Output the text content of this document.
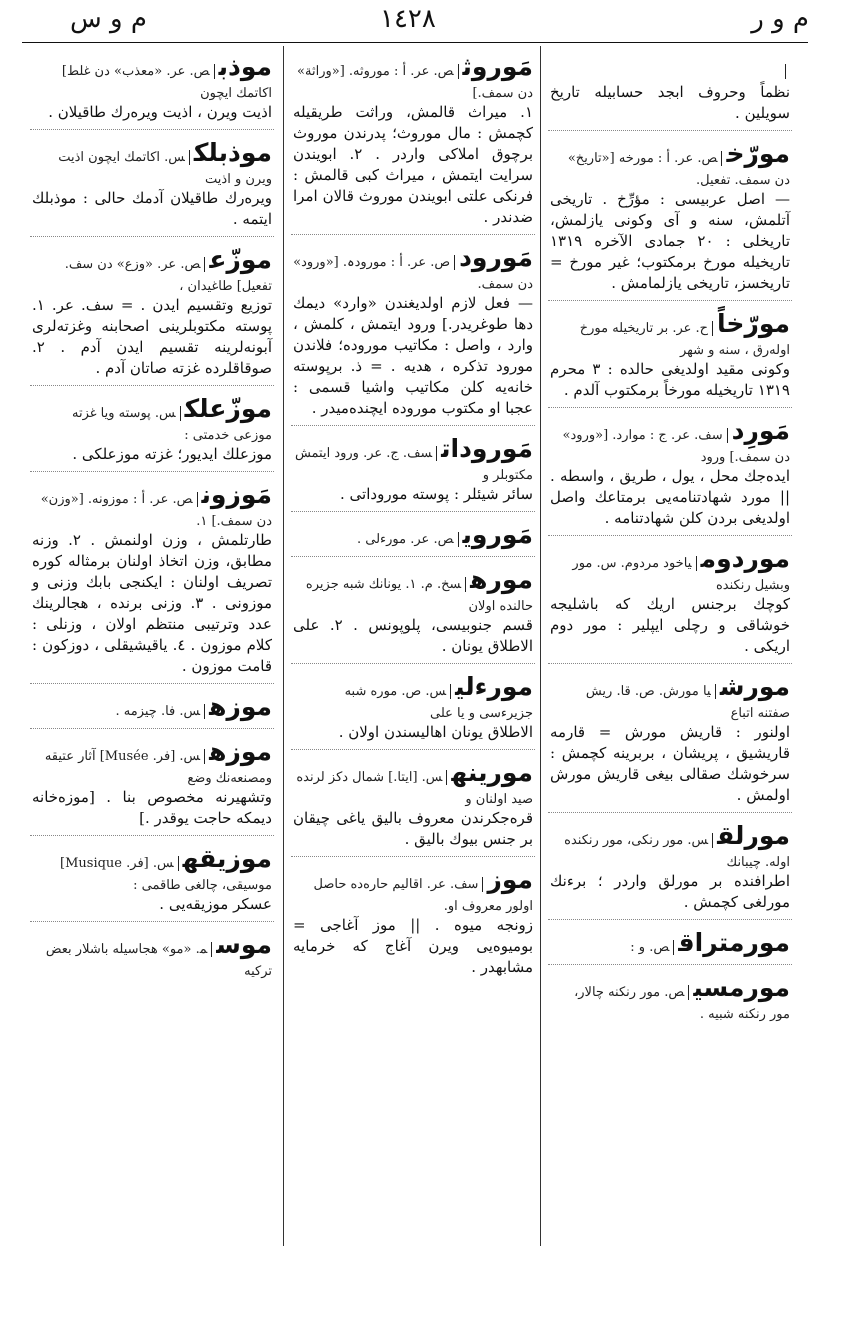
م و ر
١٤٢٨
م و س
نظماً وحروف ابجد حسابیله تاریخ سویلین .
مورّخص. عر. أ : مورخه [«تاریخ» دن سمف. تفعیل.
— اصل عربیسی : مؤرِّخ . تاریخی آتلمش، سنه و آی وکونی یازلمش، تاریخلی : ٢٠ جمادی الآخره ١٣١٩ تاریخیله مورخ برمکتوب؛ غیر مورخ = تاریخسز، تاریخی یازلمامش .
مورّخاًح. عر. بر تاریخیله مورخ اوله‌رق ، سنه و شهر
وکونی مقید اولدیغی حالده : ٣ محرم ١٣١٩ تاریخیله مورخاً برمکتوب آلدم .
مَورِدسف. عر. ج : موارد. [«ورود» دن سمف.] ورود
ایده‌جك محل ، یول ، طریق ، واسطه . || مورد شهادتنامه‌یی برمتاعك واصل اولدیغی بردن کلن شهادتنامه .
موردومیاخود مردوم. س. مور وبشیل رنکنده
کوچك برجنس اریك که باشلیجه خوشاقی و رچلی ایپلیر : مور دوم اریکی .
مورشیا مورش. ص. قا. ریش صفتنه اتباع
اولنور : قاریش مورش = قارمه قاریشیق ، پریشان ، بربرینه کچمش : سرخوشك صقالی بیغی قاریش مورش اولمش .
مورلقس. مور رنکی، مور رنکنده اوله. چیبانك
اطرافنده بر مورلق واردر ؛ برءنك مورلغی کچمش .
مورمتراقص. و :
مورمسیص. مور رنکنه چالار، مور رنکنه شبیه .
مَوروثص. عر. أ : موروثه. [«وراثة» دن سمف.]
١. میراث قالمش، وراثت طریقیله کچمش : مال موروث؛ پدرندن موروث برچوق املاکی واردر . ٢. ابویندن سرایت ایتمش ، میراث کبی قالمش : فرنکی علتی ابویندن موروث قالان امرا ضدندر .
مَورودص. عر. أ : مورودہ. [«ورود» دن سمف.
— فعل لازم اولدیغندن «وارد» دیمك دها طوغریدر.] ورود ایتمش ، کلمش ، وارد ، واصل : مکاتیب موروده؛ فلاندن مورود تذکره ، هدیه . = ذ. برپوسته خانه‌یه کلن مکاتیب واشیا قسمی : عجبا او مکتوب موروده ایچنده‌میدر .
مَوروداتسف. ج. عر. ورود ایتمش مکتوبلر و
سائر شیئلر : پوسته موروداتی .
مَورویص. عر. مورءلی .
مورهسخ. م. ١. یونانك شبه جزیره حالنده اولان
قسم جنوبیسی، پلوپونس . ٢. علی الاطلاق یونان .
مورءلیس. ص. موره شبه جزیرءسی و یا علی
الاطلاق یونان اهالیسندن اولان .
مورینهس. [ایتا.] شمال دکز لرنده صید اولنان و
قره‌جکرندن معروف بالیق یاغی چیقان بر جنس بیوك بالیق .
موزسف. عر. اقالیم حاره‌ده حاصل اولور معروف او.
زونجه میوه . || موز آغاجی = بومیوه‌یی ویرن آغاج که خرمایه مشابهدر .
موذبص. عر. «معذب» دن غلط] اکاتمك ایچون
اذیت ویرن ، اذیت ویره‌رك طاقیلان .
موذبلكس. اکاتمك ایچون اذیت ویرن و اذیت
ویره‌رك طاقیلان آدمك حالی : موذبلك ایتمه .
موزّعص. عر. «وزع» دن سف. تفعیل] طاغیدان ،
توزیع وتقسیم ایدن . = سف. عر. ١. پوسته مکتوبلرینی اصحابنه وغزته‌لری آبونه‌لرینه تقسیم ایدن آدم . ٢. صوقاقلرده غزته صاتان آدم .
موزّعلكس. پوسته ویا غزته موزعی خدمتی :
موزعلك ایدیور؛ غزته موزعلکی .
مَوزونص. عر. أ : موزونه. [«وزن» دن سمف.] ١.
طارتلمش ، وزن اولنمش . ٢. وزنه مطابق، وزن اتخاذ اولنان برمثاله کوره تصریف اولنان : ایکنجی بابك وزنی و موزونی . ٣. وزنی برنده ، هجالرینك عدد وترتیبی منتظم اولان ، وزنلی : کلام موزون . ٤. یاقیشیقلی ، دوزکون : قامت موزون .
موزهس. فا. چیزمه .
موزهس. [فر. Musée] آثار عتیقه ومصنعه‌نك وضع
وتشهیرنه مخصوص بنا . [موزه‌خانه دیمکه حاجت یوقدر .]
موزیقهس. [فر. Musique] موسیقی، چالغی طاقمی :
عسکر موزیقه‌یی .
موسم‍. «مو» هجاسیله باشلار بعض ترکیه
